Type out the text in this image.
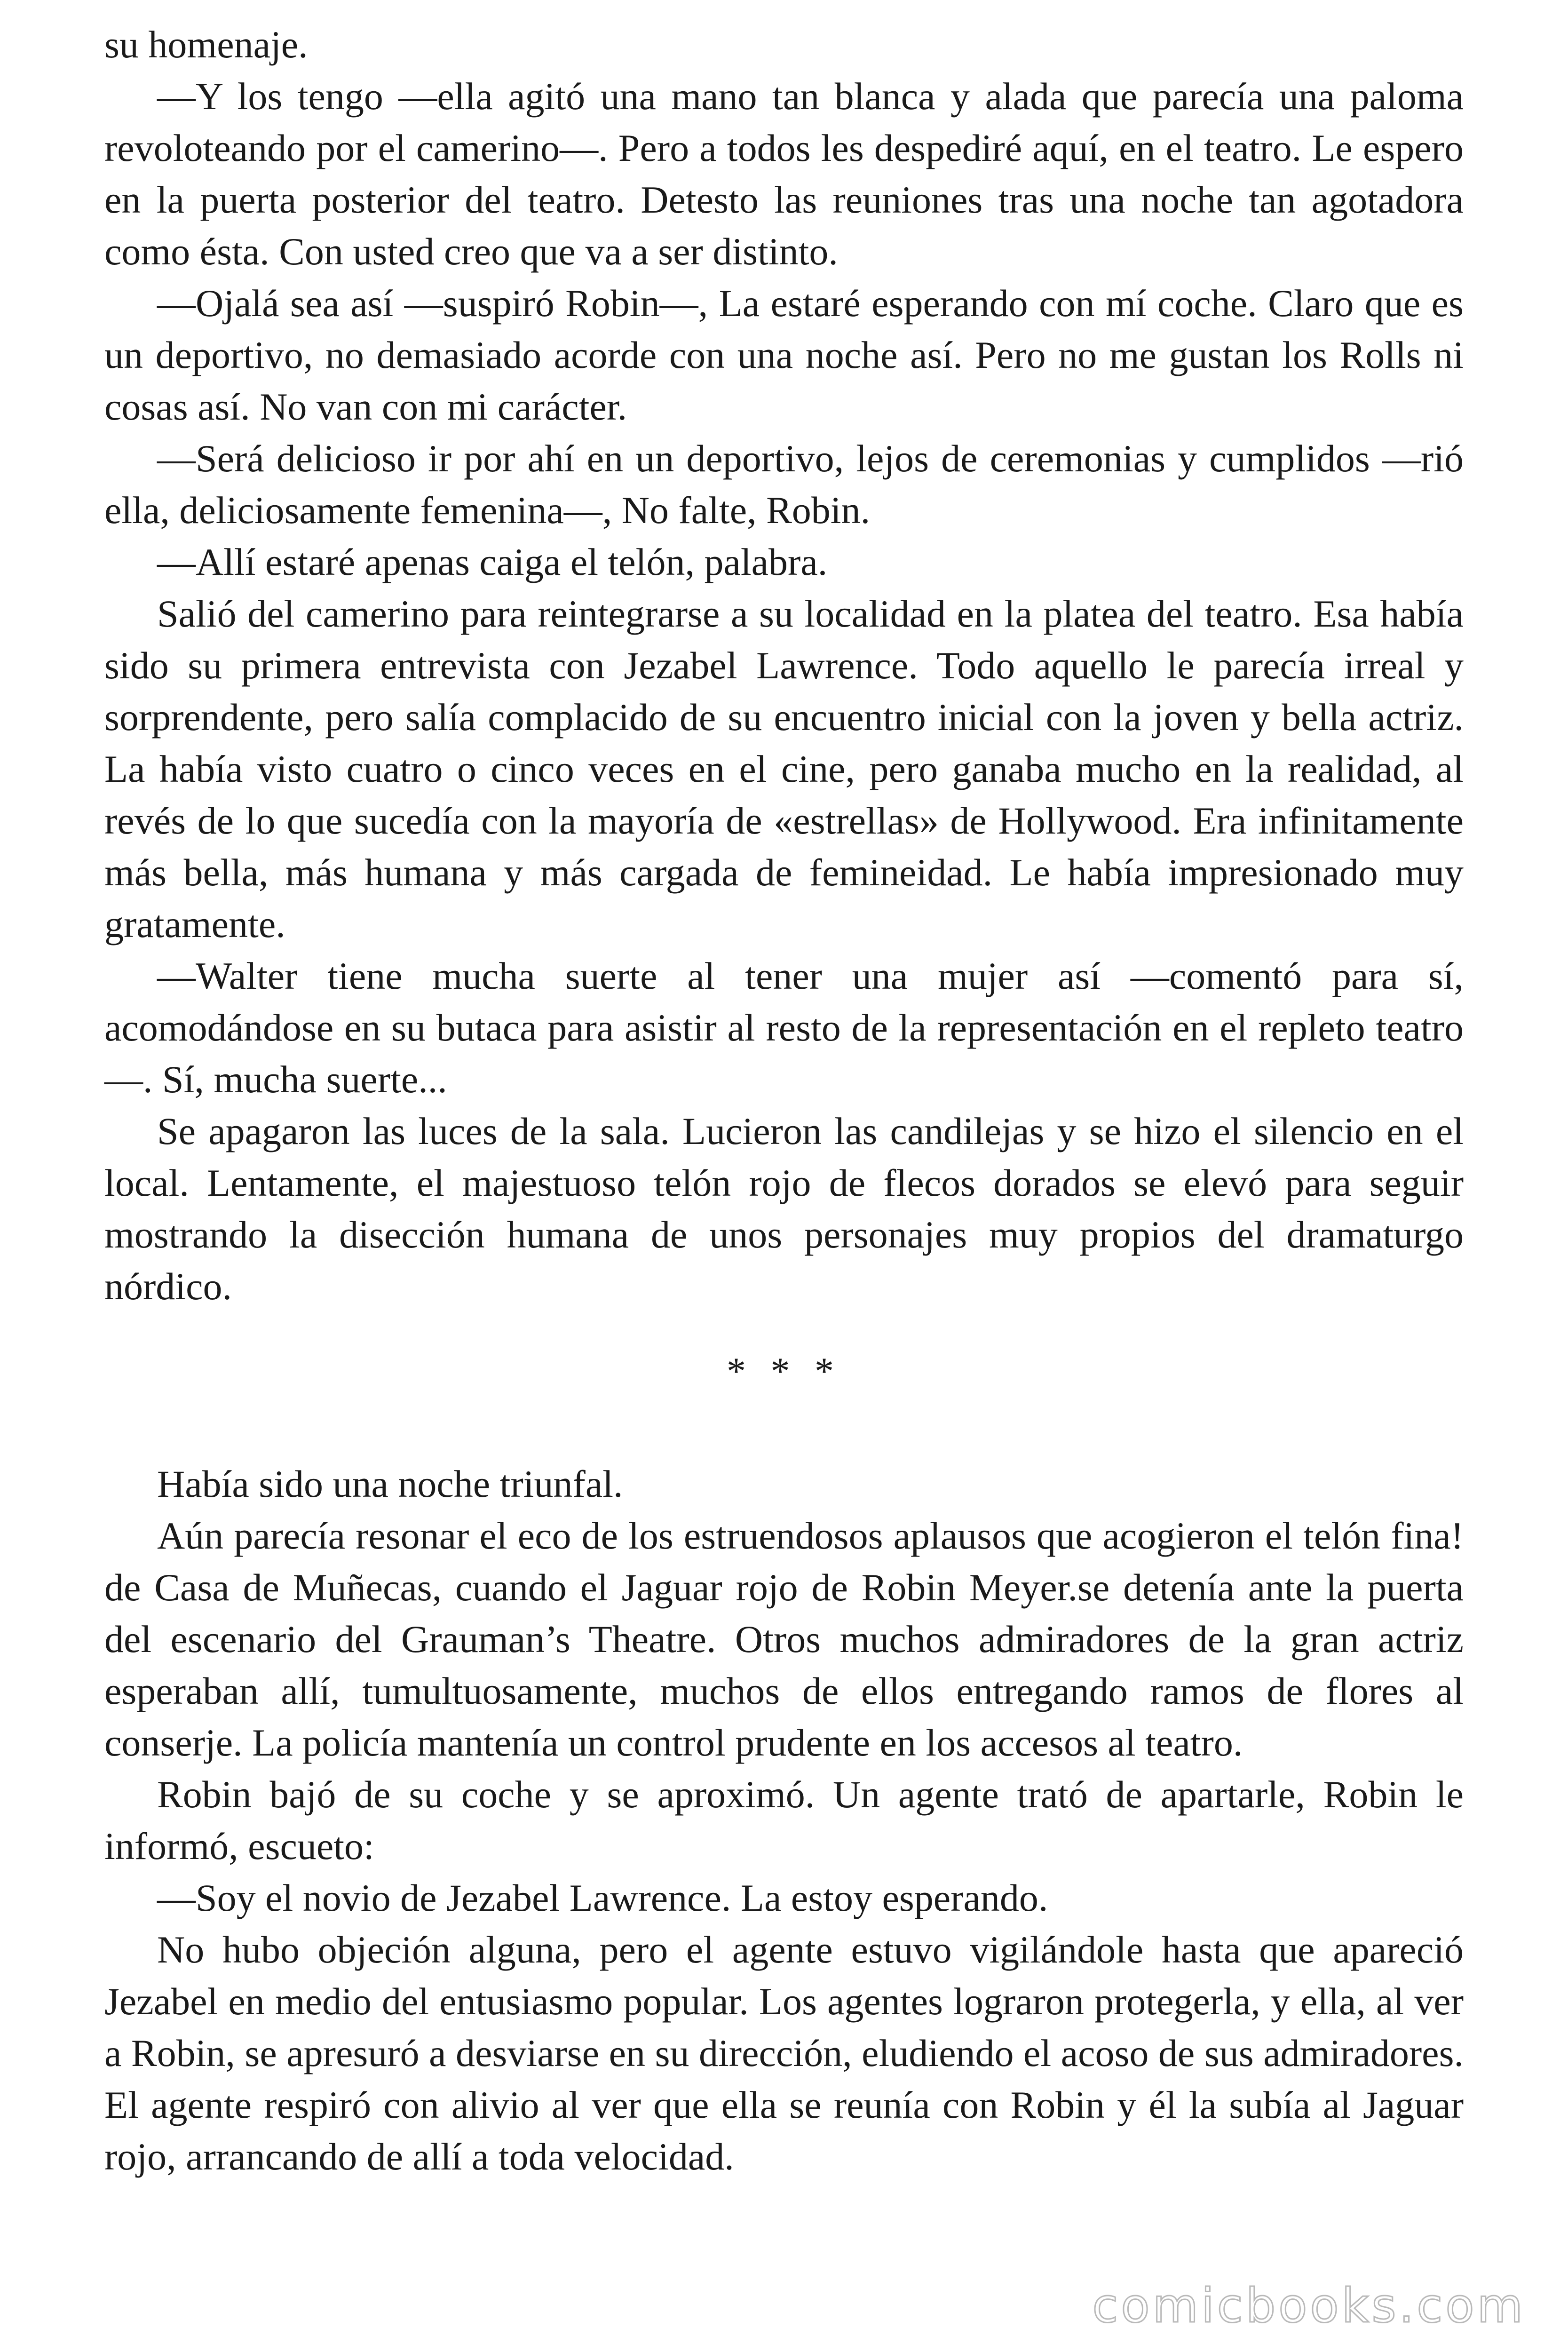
su homenaje.

—Y los tengo —ella agitó una mano tan blanca y alada que parecía una paloma revoloteando por el camerino—. Pero a todos les despediré aquí, en el teatro. Le espero en la puerta posterior del teatro. Detesto las reuniones tras una noche tan agotadora como ésta. Con usted creo que va a ser distinto.

—Ojalá sea así —suspiró Robin—, La estaré esperando con mí coche. Claro que es un deportivo, no demasiado acorde con una noche así. Pero no me gustan los Rolls ni cosas así. No van con mi carácter.

—Será delicioso ir por ahí en un deportivo, lejos de ceremonias y cumplidos —rió ella, deliciosamente femenina—, No falte, Robin.

—Allí estaré apenas caiga el telón, palabra.

Salió del camerino para reintegrarse a su localidad en la platea del teatro. Esa había sido su primera entrevista con Jezabel Lawrence. Todo aquello le parecía irreal y sorprendente, pero salía complacido de su encuentro inicial con la joven y bella actriz. La había visto cuatro o cinco veces en el cine, pero ganaba mucho en la realidad, al revés de lo que sucedía con la mayoría de «estrellas» de Hollywood. Era infinitamente más bella, más humana y más cargada de femineidad. Le había impresionado muy gratamente.

—Walter tiene mucha suerte al tener una mujer así —comentó para sí, acomodándose en su butaca para asistir al resto de la representación en el repleto teatro—. Sí, mucha suerte...

Se apagaron las luces de la sala. Lucieron las candilejas y se hizo el silencio en el local. Lentamente, el majestuoso telón rojo de flecos dorados se elevó para seguir mostrando la disección humana de unos personajes muy propios del dramaturgo nórdico.

* * *

Había sido una noche triunfal.

Aún parecía resonar el eco de los estruendosos aplausos que acogieron el telón fina! de Casa de Muñecas, cuando el Jaguar rojo de Robin Meyer.se detenía ante la puerta del escenario del Grauman’s Theatre. Otros muchos admiradores de la gran actriz esperaban allí, tumultuosamente, muchos de ellos entregando ramos de flores al conserje. La policía mantenía un control prudente en los accesos al teatro.

Robin bajó de su coche y se aproximó. Un agente trató de apartarle, Robin le informó, escueto:

—Soy el novio de Jezabel Lawrence. La estoy esperando.

No hubo objeción alguna, pero el agente estuvo vigilándole hasta que apareció Jezabel en medio del entusiasmo popular. Los agentes lograron protegerla, y ella, al ver a Robin, se apresuró a desviarse en su dirección, eludiendo el acoso de sus admiradores. El agente respiró con alivio al ver que ella se reunía con Robin y él la subía al Jaguar rojo, arrancando de allí a toda velocidad.

comicbooks.com
